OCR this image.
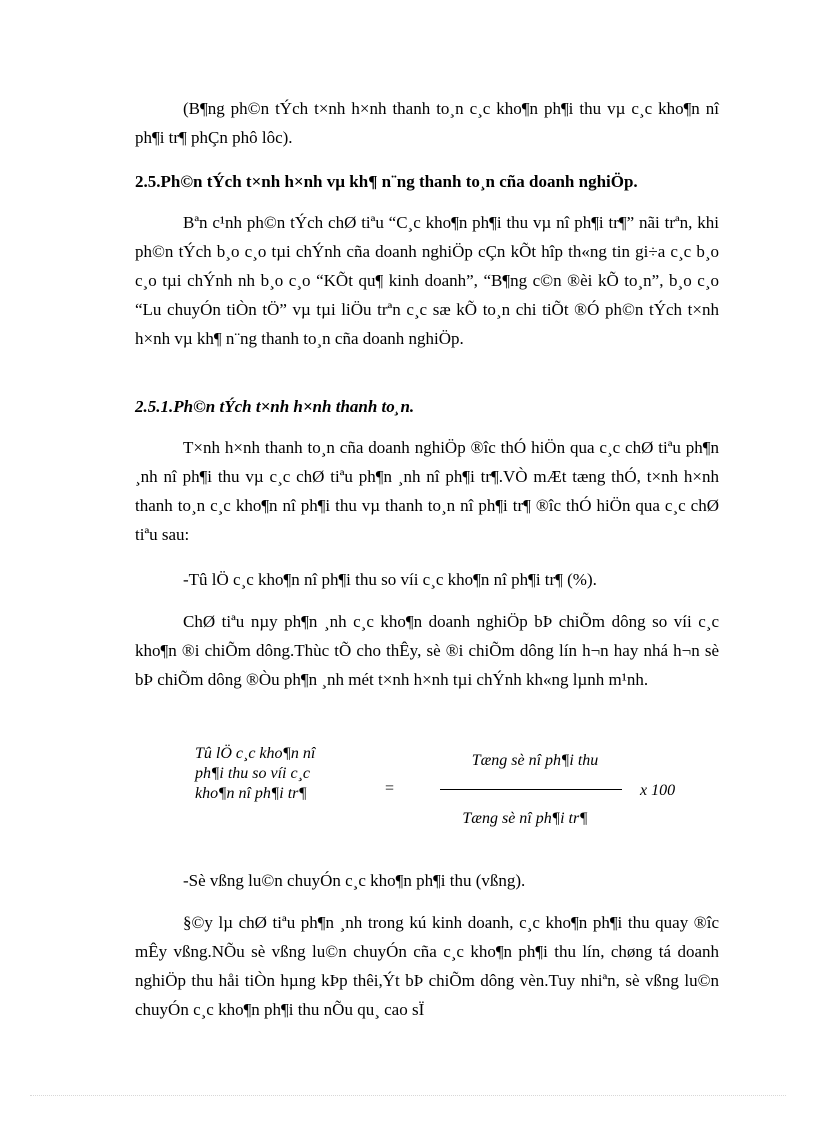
(B¶ng ph©n tÝch t×nh h×nh thanh to¸n c¸c kho¶n ph¶i thu vµ c¸c kho¶n nî ph¶i tr¶ phÇn phô lôc).

2.5.Ph©n tÝch t×nh h×nh vµ kh¶ n¨ng thanh to¸n cña doanh nghiÖp.

Bªn c¹nh ph©n tÝch chØ tiªu “C¸c kho¶n ph¶i thu vµ nî ph¶i tr¶” nãi trªn, khi ph©n tÝch b¸o c¸o tµi chÝnh cña doanh nghiÖp cÇn kÕt hîp th«ng tin gi÷a c¸c b¸o c¸o tµi chÝnh nh b¸o c¸o “KÕt qu¶ kinh doanh”, “B¶ng c©n ®èi kÕ to¸n”, b¸o c¸o “Lu chuyÓn tiÒn tÖ” vµ tµi liÖu trªn c¸c sæ kÕ to¸n chi tiÕt ®Ó ph©n tÝch t×nh h×nh vµ kh¶ n¨ng thanh to¸n cña doanh nghiÖp.

2.5.1.Ph©n tÝch t×nh h×nh thanh to¸n.

T×nh h×nh thanh to¸n cña doanh nghiÖp ®îc thÓ hiÖn qua c¸c chØ tiªu ph¶n ¸nh nî ph¶i thu vµ c¸c chØ tiªu ph¶n ¸nh nî ph¶i tr¶.VÒ mÆt tæng thÓ, t×nh h×nh thanh to¸n c¸c kho¶n nî ph¶i thu vµ thanh to¸n nî ph¶i tr¶ ®îc thÓ hiÖn qua c¸c chØ tiªu sau:

-Tû lÖ c¸c kho¶n nî ph¶i thu so víi c¸c kho¶n nî ph¶i tr¶ (%).

ChØ tiªu nµy ph¶n ¸nh c¸c kho¶n doanh nghiÖp bÞ chiÕm dông so víi c¸c kho¶n ®i chiÕm dông.Thùc tÕ cho thÊy, sè ®i chiÕm dông lín h¬n hay nhá h¬n sè bÞ chiÕm dông ®Òu ph¶n ¸nh mét t×nh h×nh tµi chÝnh kh«ng lµnh m¹nh.

Tû lÖ c¸c kho¶n nî
ph¶i thu so víi c¸c
kho¶n nî ph¶i tr¶	=
Tæng sè nî ph¶i thu
Tæng sè nî ph¶i tr¶
x 100

-Sè vßng lu©n chuyÓn c¸c kho¶n ph¶i thu (vßng).

§©y lµ chØ tiªu ph¶n ¸nh trong kú kinh doanh, c¸c kho¶n ph¶i thu quay ®îc mÊy vßng.NÕu sè vßng lu©n chuyÓn cña c¸c kho¶n ph¶i thu lín, chøng tá doanh nghiÖp thu håi tiÒn hµng kÞp thêi,Ýt bÞ chiÕm dông vèn.Tuy nhiªn, sè vßng lu©n chuyÓn c¸c kho¶n ph¶i thu nÕu qu¸ cao sÏ
